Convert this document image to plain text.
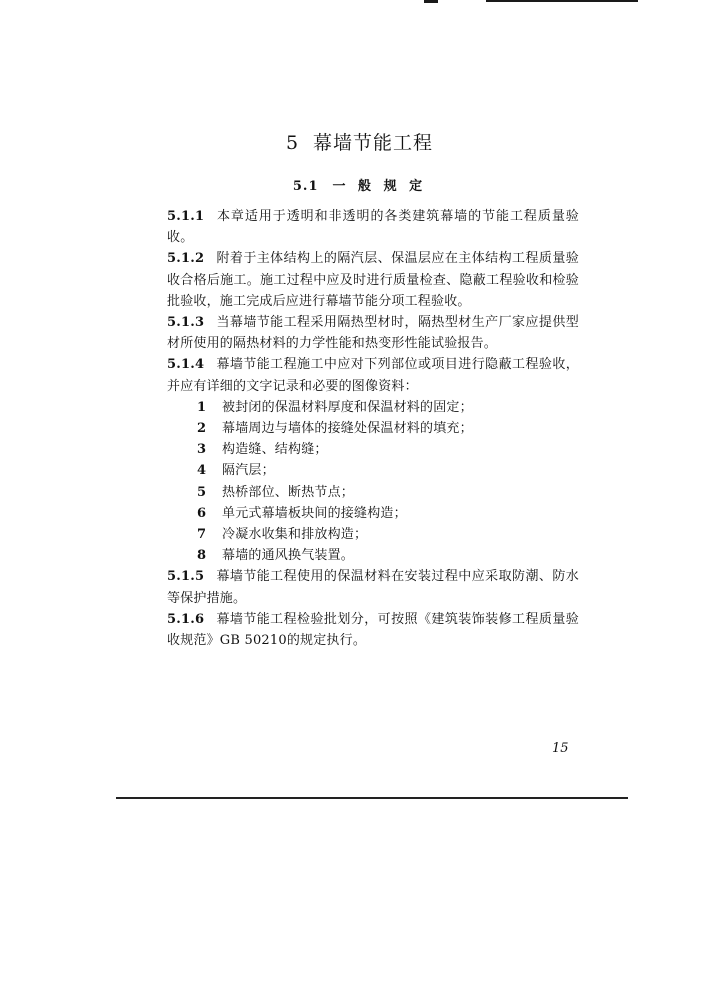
5 幕墙节能工程
5.1 一 般 规 定

5.1.1 本章适用于透明和非透明的各类建筑幕墙的节能工程质量验收。

5.1.2 附着于主体结构上的隔汽层、保温层应在主体结构工程质量验收合格后施工。施工过程中应及时进行质量检查、隐蔽工程验收和检验批验收，施工完成后应进行幕墙节能分项工程验收。

5.1.3 当幕墙节能工程采用隔热型材时，隔热型材生产厂家应提供型材所使用的隔热材料的力学性能和热变形性能试验报告。

5.1.4 幕墙节能工程施工中应对下列部位或项目进行隐蔽工程验收，并应有详细的文字记录和必要的图像资料：

1 被封闭的保温材料厚度和保温材料的固定；

2 幕墙周边与墙体的接缝处保温材料的填充；

3 构造缝、结构缝；

4 隔汽层；

5 热桥部位、断热节点；

6 单元式幕墙板块间的接缝构造；

7 冷凝水收集和排放构造；

8 幕墙的通风换气装置。

5.1.5 幕墙节能工程使用的保温材料在安装过程中应采取防潮、防水等保护措施。

5.1.6 幕墙节能工程检验批划分，可按照《建筑装饰装修工程质量验收规范》GB 50210的规定执行。

15
